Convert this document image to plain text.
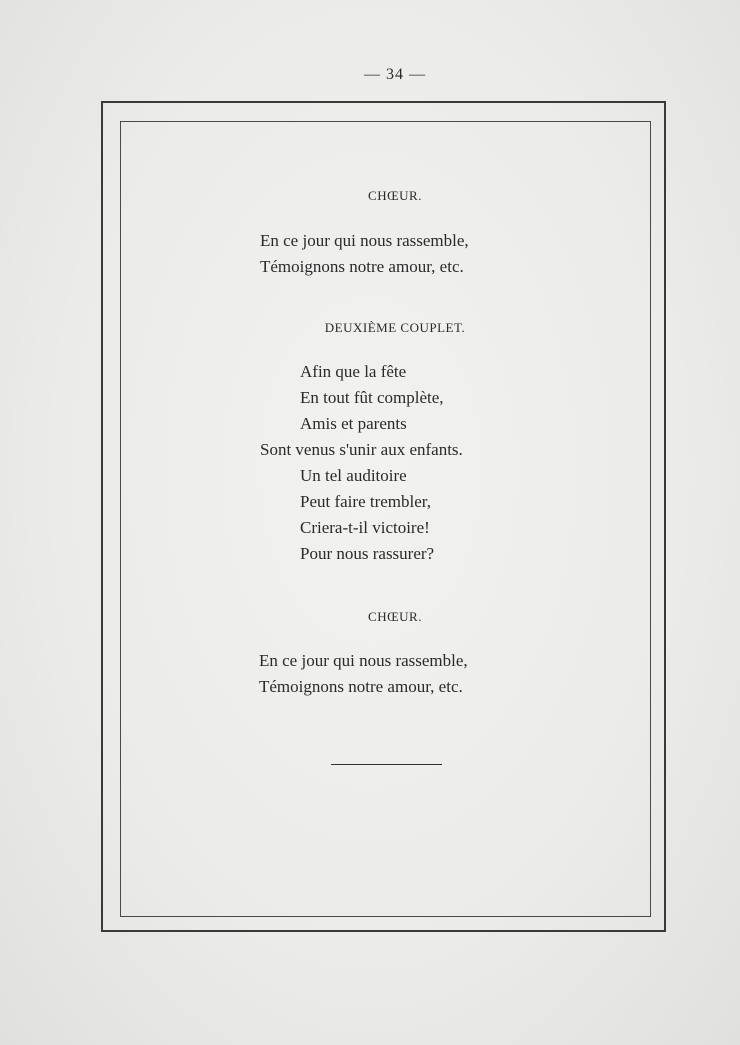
— 34 —
CHŒUR.
En ce jour qui nous rassemble,
Témoignons notre amour, etc.
DEUXIÈME COUPLET.
Afin que la fête
En tout fût complète,
Amis et parents
Sont venus s'unir aux enfants.
Un tel auditoire
Peut faire trembler,
Criera-t-il victoire!
Pour nous rassurer?
CHŒUR.
En ce jour qui nous rassemble,
Témoignons notre amour, etc.
